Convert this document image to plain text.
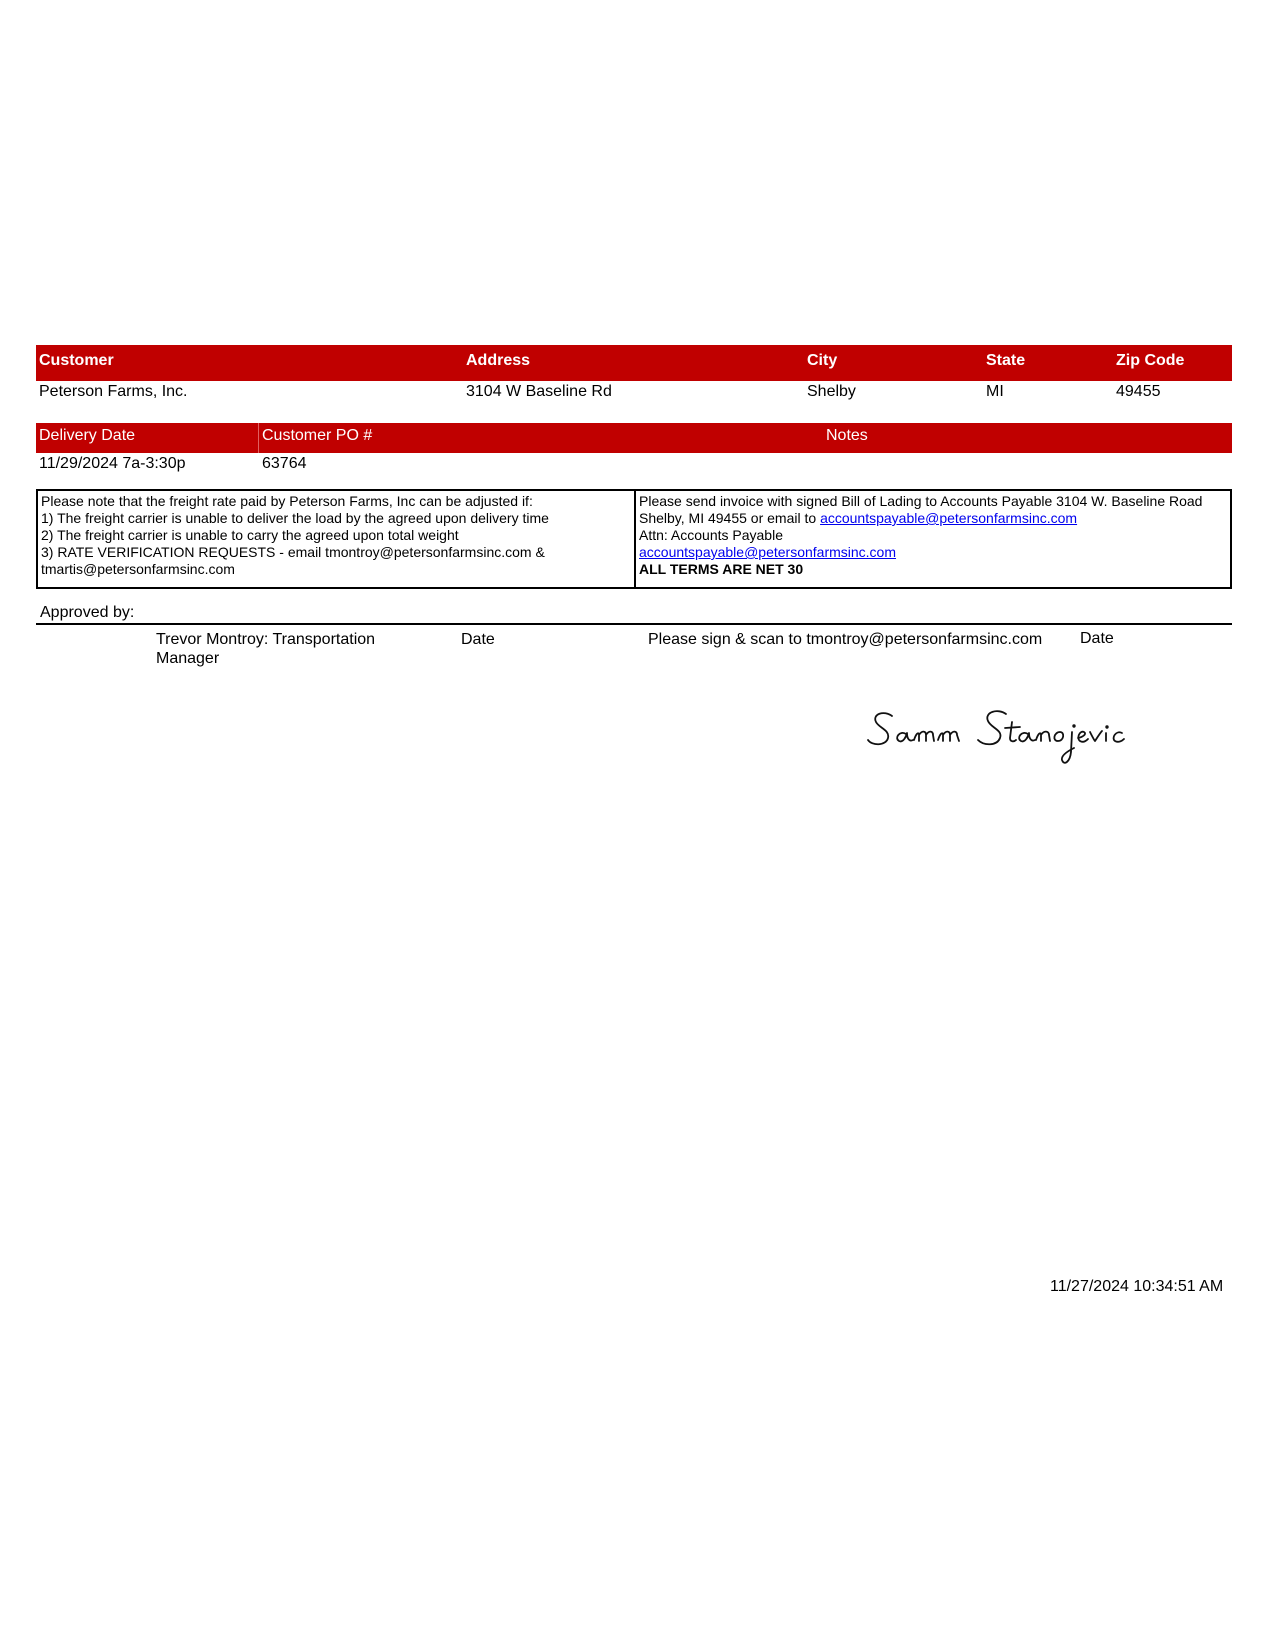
Customer	Address	City	State	Zip Code
Peterson Farms, Inc.	3104 W Baseline Rd	Shelby	MI	49455
Delivery Date	Customer PO #	Notes
11/29/2024 7a-3:30p	63764
Please note that the freight rate paid by Peterson Farms, Inc can be adjusted if:
1) The freight carrier is unable to deliver the load by the agreed upon delivery time
2) The freight carrier is unable to carry the agreed upon total weight
3) RATE VERIFICATION REQUESTS - email tmontroy@petersonfarmsinc.com &
tmartis@petersonfarmsinc.com
Please send invoice with signed Bill of Lading to Accounts Payable 3104 W. Baseline Road
Shelby, MI 49455 or email to accountspayable@petersonfarmsinc.com
Attn: Accounts Payable
accountspayable@petersonfarmsinc.com
ALL TERMS ARE NET 30
Approved by:
Trevor Montroy: Transportation
Manager
Date	Please sign & scan to tmontroy@petersonfarmsinc.com Date
11/27/2024 10:34:51 AM
